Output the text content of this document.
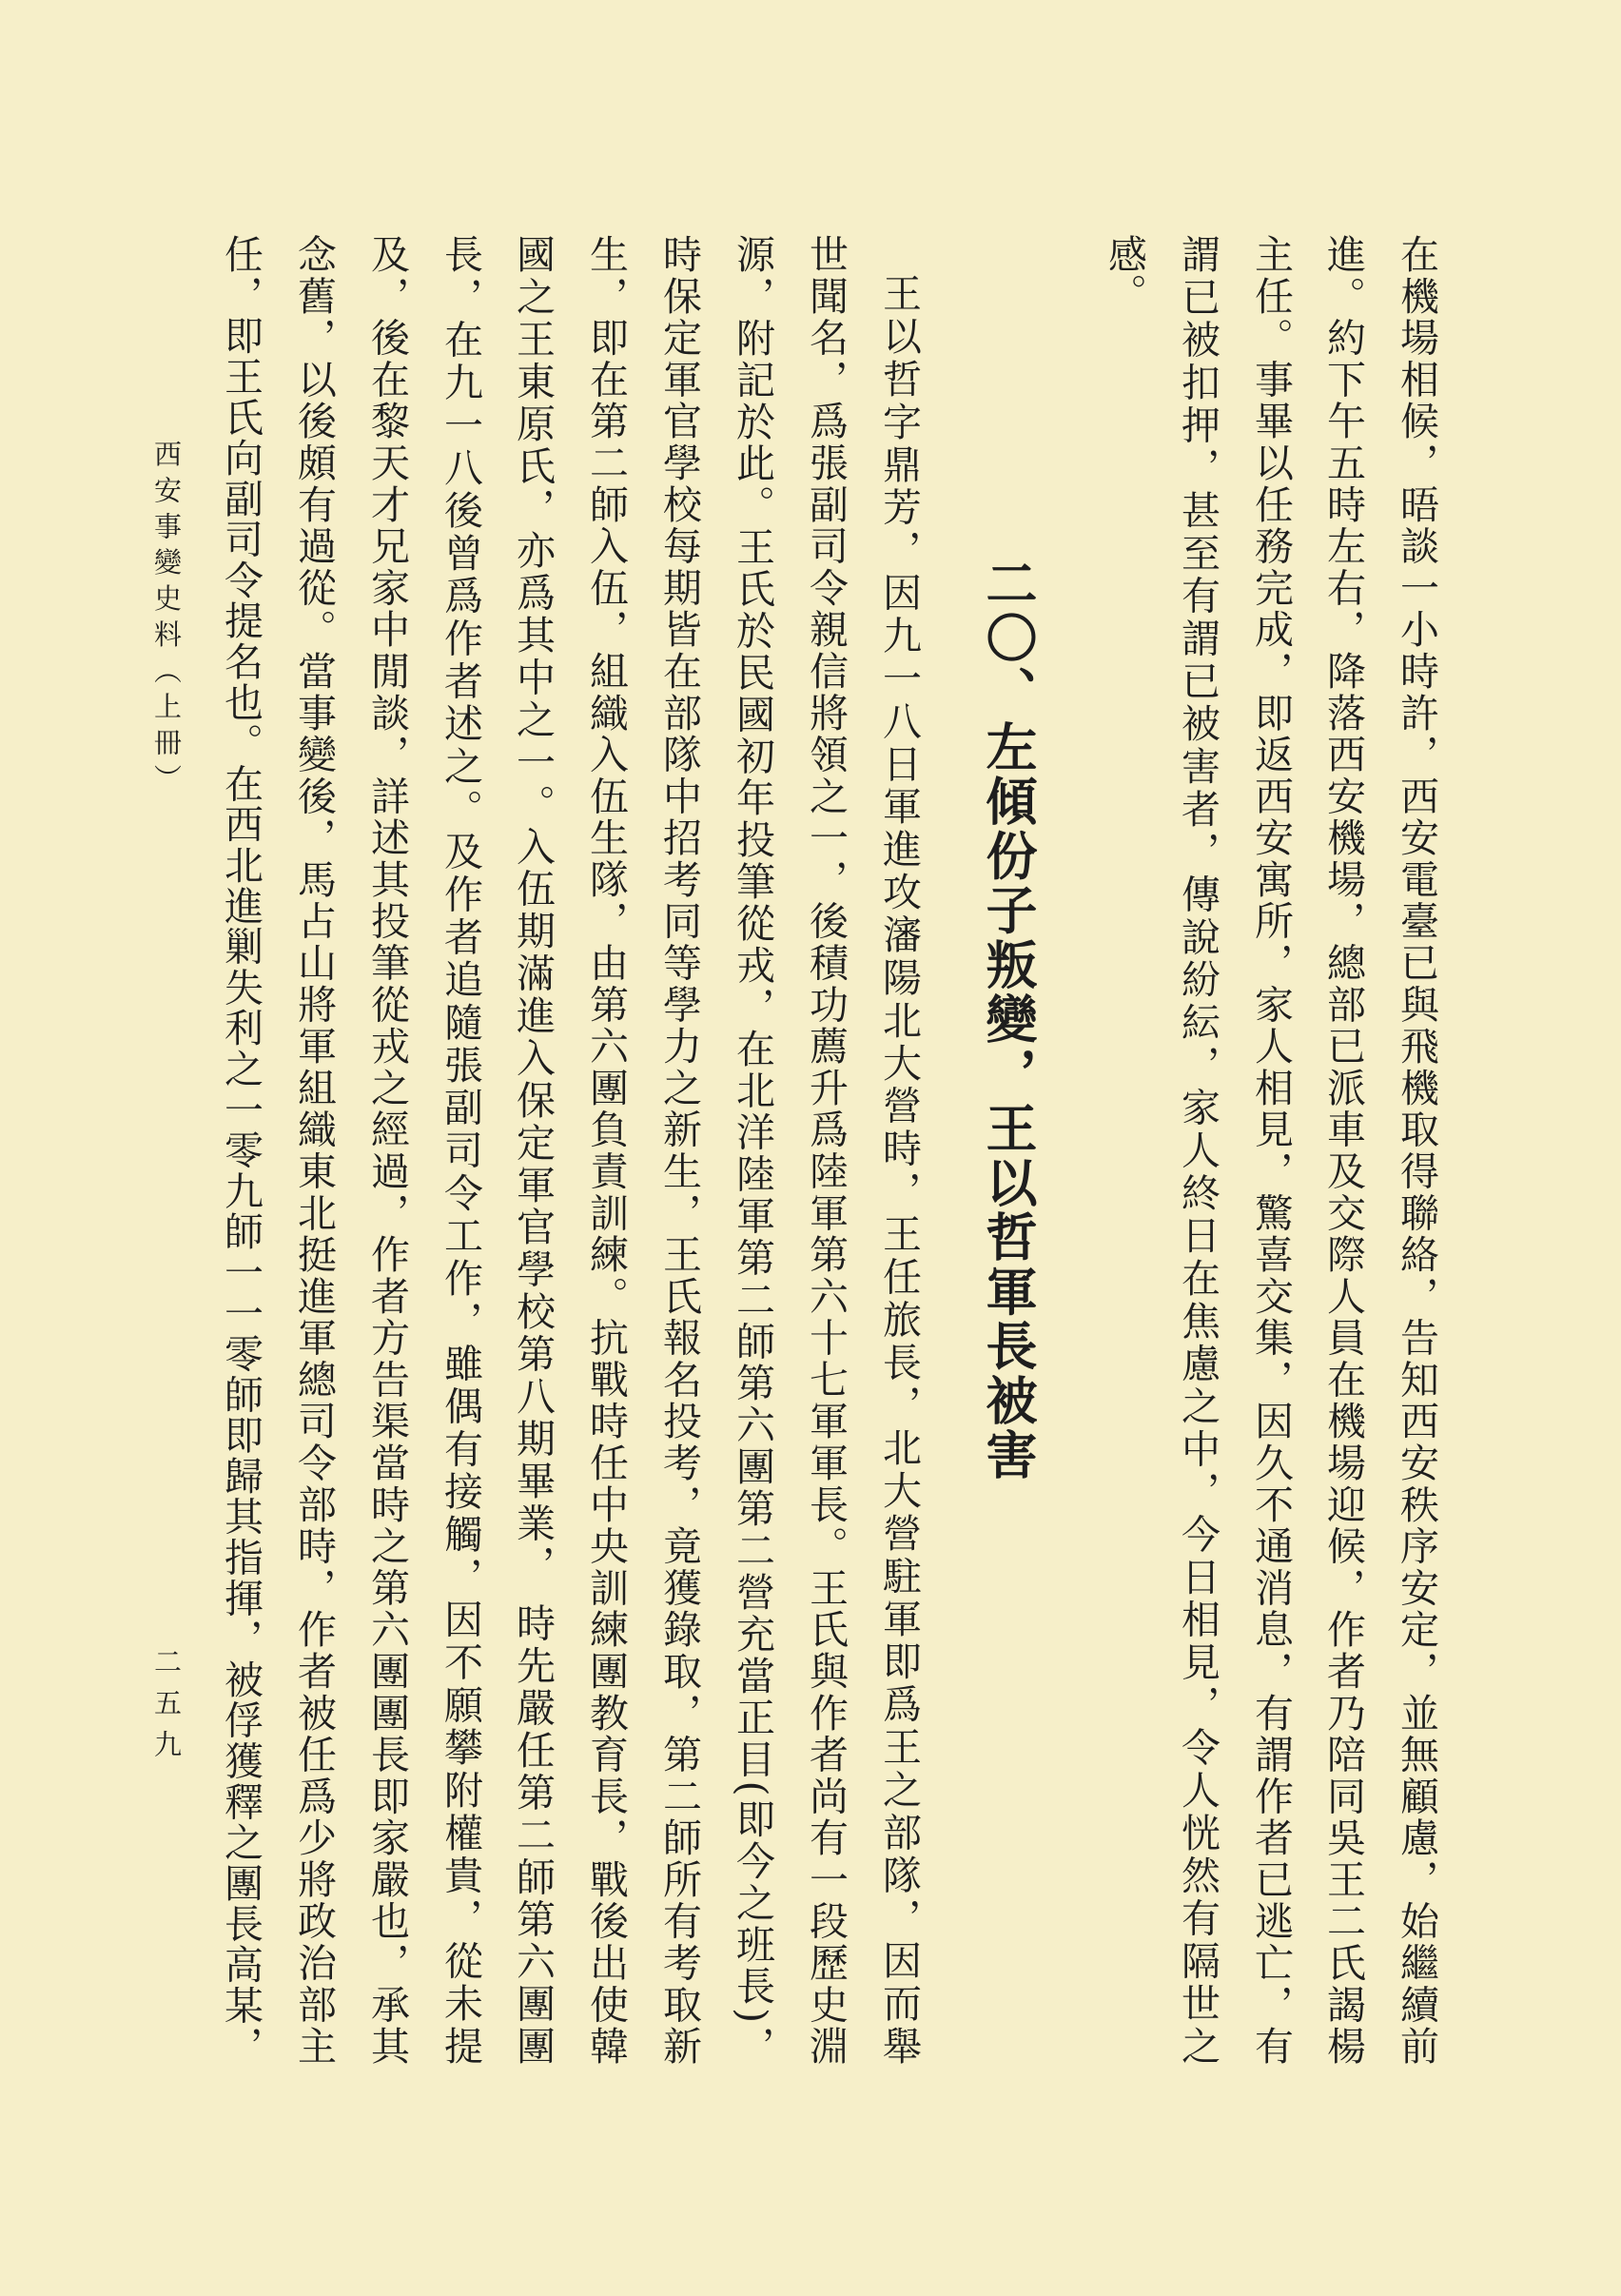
在機場相候，晤談一小時許，西安電臺已與飛機取得聯絡，告知西安秩序安定，並無顧慮，始繼續前
進。約下午五時左右，降落西安機場，總部已派車及交際人員在機場迎候，作者乃陪同吳王二氏謁楊
主任。事畢以任務完成，即返西安寓所，家人相見，驚喜交集，因久不通消息，有謂作者已逃亡，有
謂已被扣押，甚至有謂已被害者，傳說紛紜，家人終日在焦慮之中，今日相見，令人恍然有隔世之
感。
二〇、左傾份子叛變，王以哲軍長被害
王以哲字鼎芳，因九一八日軍進攻瀋陽北大營時，王任旅長，北大營駐軍即爲王之部隊，因而舉
世聞名，爲張副司令親信將領之一，後積功薦升爲陸軍第六十七軍軍長。王氏與作者尚有一段歷史淵
源，附記於此。王氏於民國初年投筆從戎，在北洋陸軍第二師第六團第二營充當正目(即今之班長)，
時保定軍官學校每期皆在部隊中招考同等學力之新生，王氏報名投考，竟獲錄取，第二師所有考取新
生，即在第二師入伍，組織入伍生隊，由第六團負責訓練。抗戰時任中央訓練團教育長，戰後出使韓
國之王東原氏，亦爲其中之一。入伍期滿進入保定軍官學校第八期畢業， 時先嚴任第二師第六團團
長，在九一八後曾爲作者述之。及作者追隨張副司令工作，雖偶有接觸，因不願攀附權貴，從未提
及，後在黎天才兄家中閒談，詳述其投筆從戎之經過，作者方告渠當時之第六團團長即家嚴也，承其
念舊，以後頗有過從。當事變後，馬占山將軍組織東北挺進軍總司令部時，作者被任爲少將政治部主
任，即王氏向副司令提名也。在西北進剿失利之一零九師一一零師即歸其指揮，被俘獲釋之團長高某，
西安事變史料（上冊）
二五九
